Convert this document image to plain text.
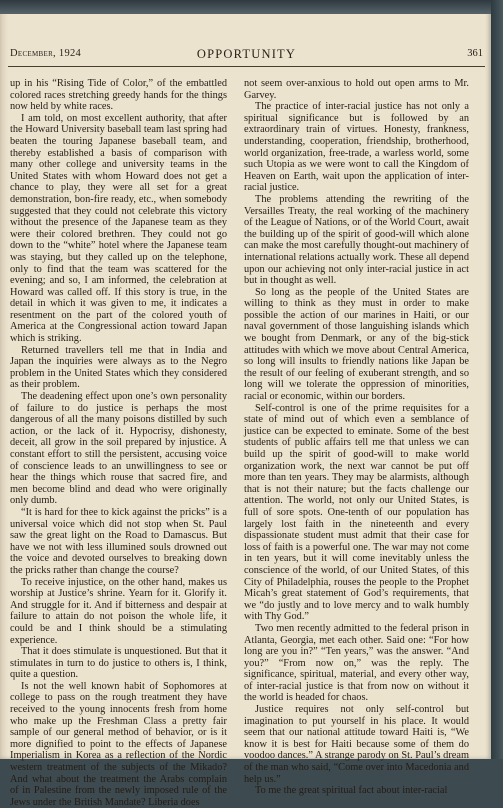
December, 1924	OPPORTUNITY	361

up in his “Rising Tide of Color,” of the embattled colored races stretching greedy hands for the things now held by white races.

I am told, on most excellent authority, that after the Howard University baseball team last spring had beaten the touring Japanese baseball team, and thereby established a basis of comparison with many other college and university teams in the United States with whom Howard does not get a chance to play, they were all set for a great demonstration, bon-fire ready, etc., when somebody suggested that they could not celebrate this victory without the presence of the Japanese team as they were their colored brethren. They could not go down to the “white” hotel where the Japanese team was staying, but they called up on the telephone, only to find that the team was scattered for the evening; and so, I am informed, the celebration at Howard was called off. If this story is true, in the detail in which it was given to me, it indicates a resentment on the part of the colored youth of America at the Congressional action toward Japan which is striking.

Returned travellers tell me that in India and Japan the inquiries were always as to the Negro problem in the United States which they considered as their problem.

The deadening effect upon one’s own personality of failure to do justice is perhaps the most dangerous of all the many poisons distilled by such action, or the lack of it. Hypocrisy, dishonesty, deceit, all grow in the soil prepared by injustice. A constant effort to still the persistent, accusing voice of conscience leads to an unwillingness to see or hear the things which rouse that sacred fire, and men become blind and dead who were originally only dumb.

“It is hard for thee to kick against the pricks” is a universal voice which did not stop when St. Paul saw the great light on the Road to Damascus. But have we not with less illumined souls drowned out the voice and devoted ourselves to breaking down the pricks rather than change the course?

To receive injustice, on the other hand, makes us worship at Justice’s shrine. Yearn for it. Glorify it. And struggle for it. And if bitterness and despair at failure to attain do not poison the whole life, it could be and I think should be a stimulating experience.

That it does stimulate is unquestioned. But that it stimulates in turn to do justice to others is, I think, quite a question.

Is not the well known habit of Sophomores at college to pass on the rough treatment they have received to the young innocents fresh from home who make up the Freshman Class a pretty fair sample of our general method of behavior, or is it more dignified to point to the effects of Japanese Imperialism in Korea as a reflection of the Nordic western treatment of the subjects of the Mikado? And what about the treatment the Arabs complain of in Palestine from the newly imposed rule of the Jews under the British Mandate? Liberia does

not seem over-anxious to hold out open arms to Mr. Garvey.

The practice of inter-racial justice has not only a spiritual significance but is followed by an extraordinary train of virtues. Honesty, frankness, understanding, cooperation, friendship, brotherhood, world organization, free-trade, a warless world, some such Utopia as we were wont to call the Kingdom of Heaven on Earth, wait upon the application of inter-racial justice.

The problems attending the rewriting of the Versailles Treaty, the real working of the machinery of the League of Nations, or of the World Court, await the building up of the spirit of good-will which alone can make the most carefully thought-out machinery of international relations actually work. These all depend upon our achieving not only inter-racial justice in act but in thought as well.

So long as the people of the United States are willing to think as they must in order to make possible the action of our marines in Haiti, or our naval government of those languishing islands which we bought from Denmark, or any of the big-stick attitudes with which we move about Central America, so long will insults to friendly nations like Japan be the result of our feeling of exuberant strength, and so long will we tolerate the oppression of minorities, racial or economic, within our borders.

Self-control is one of the prime requisites for a state of mind out of which even a semblance of justice can be expected to eminate. Some of the best students of public affairs tell me that unless we can build up the spirit of good-will to make world organization work, the next war cannot be put off more than ten years. They may be alarmists, although that is not their nature; but the facts challenge our attention. The world, not only our United States, is full of sore spots. One-tenth of our population has largely lost faith in the nineteenth and every dispassionate student must admit that their case for loss of faith is a powerful one. The war may not come in ten years, but it will come inevitably unless the conscience of the world, of our United States, of this City of Philadelphia, rouses the people to the Prophet Micah’s great statement of God’s requirements, that we “do justly and to love mercy and to walk humbly with Thy God.”

Two men recently admitted to the federal prison in Atlanta, Georgia, met each other. Said one: “For how long are you in?” “Ten years,” was the answer. “And you?” “From now on,” was the reply. The significance, spiritual, material, and every other way, of inter-racial justice is that from now on without it the world is headed for chaos.

Justice requires not only self-control but imagination to put yourself in his place. It would seem that our national attitude toward Haiti is, “We know it is best for Haiti because some of them do voodoo dances.” A strange parody on St. Paul’s dream of the man who said, “Come over into Macedonia and help us.”

To me the great spiritual fact about inter-racial
